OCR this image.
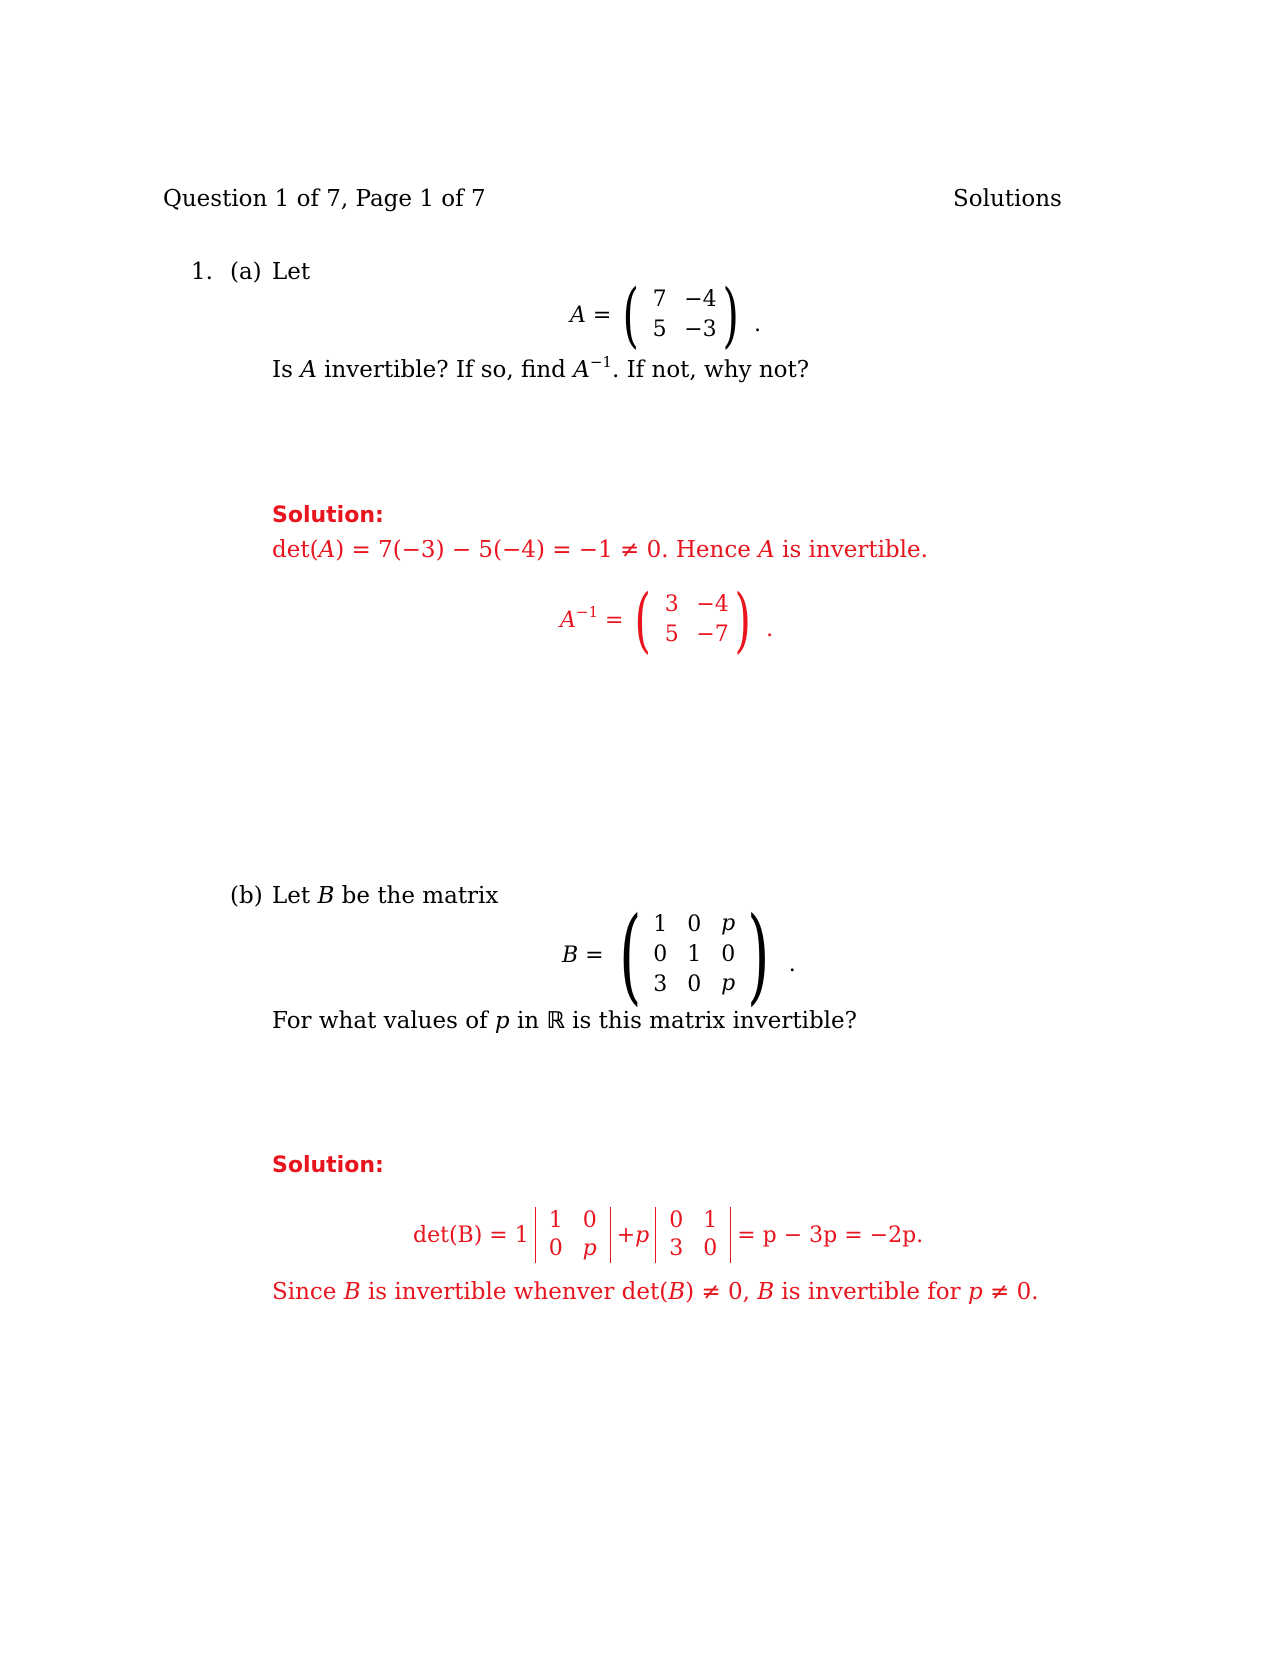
Question 1 of 7, Page 1 of 7	Solutions
1. (a) Let
A = ( 7 −4
5 −3 ) .
Is A invertible? If so, find $A^{-1}$. If not, why not?
Solution:
det(A) = 7(−3) − 5(−4) = −1 ≠ 0. Hence A is invertible.
$A^{-1}$ = ( 3 −4
5 −7 ) .
(b) Let B be the matrix
B = ( 1 0 p
0 1 0
3 0 p ) .
For what values of p in ℝ is this matrix invertible?
Solution:
det(B) = 1
1 0
0 p
+p
0 1
3 0
= p − 3p = −2p.
Since B is invertible whenver det(B) ≠ 0, B is invertible for p ≠ 0.
